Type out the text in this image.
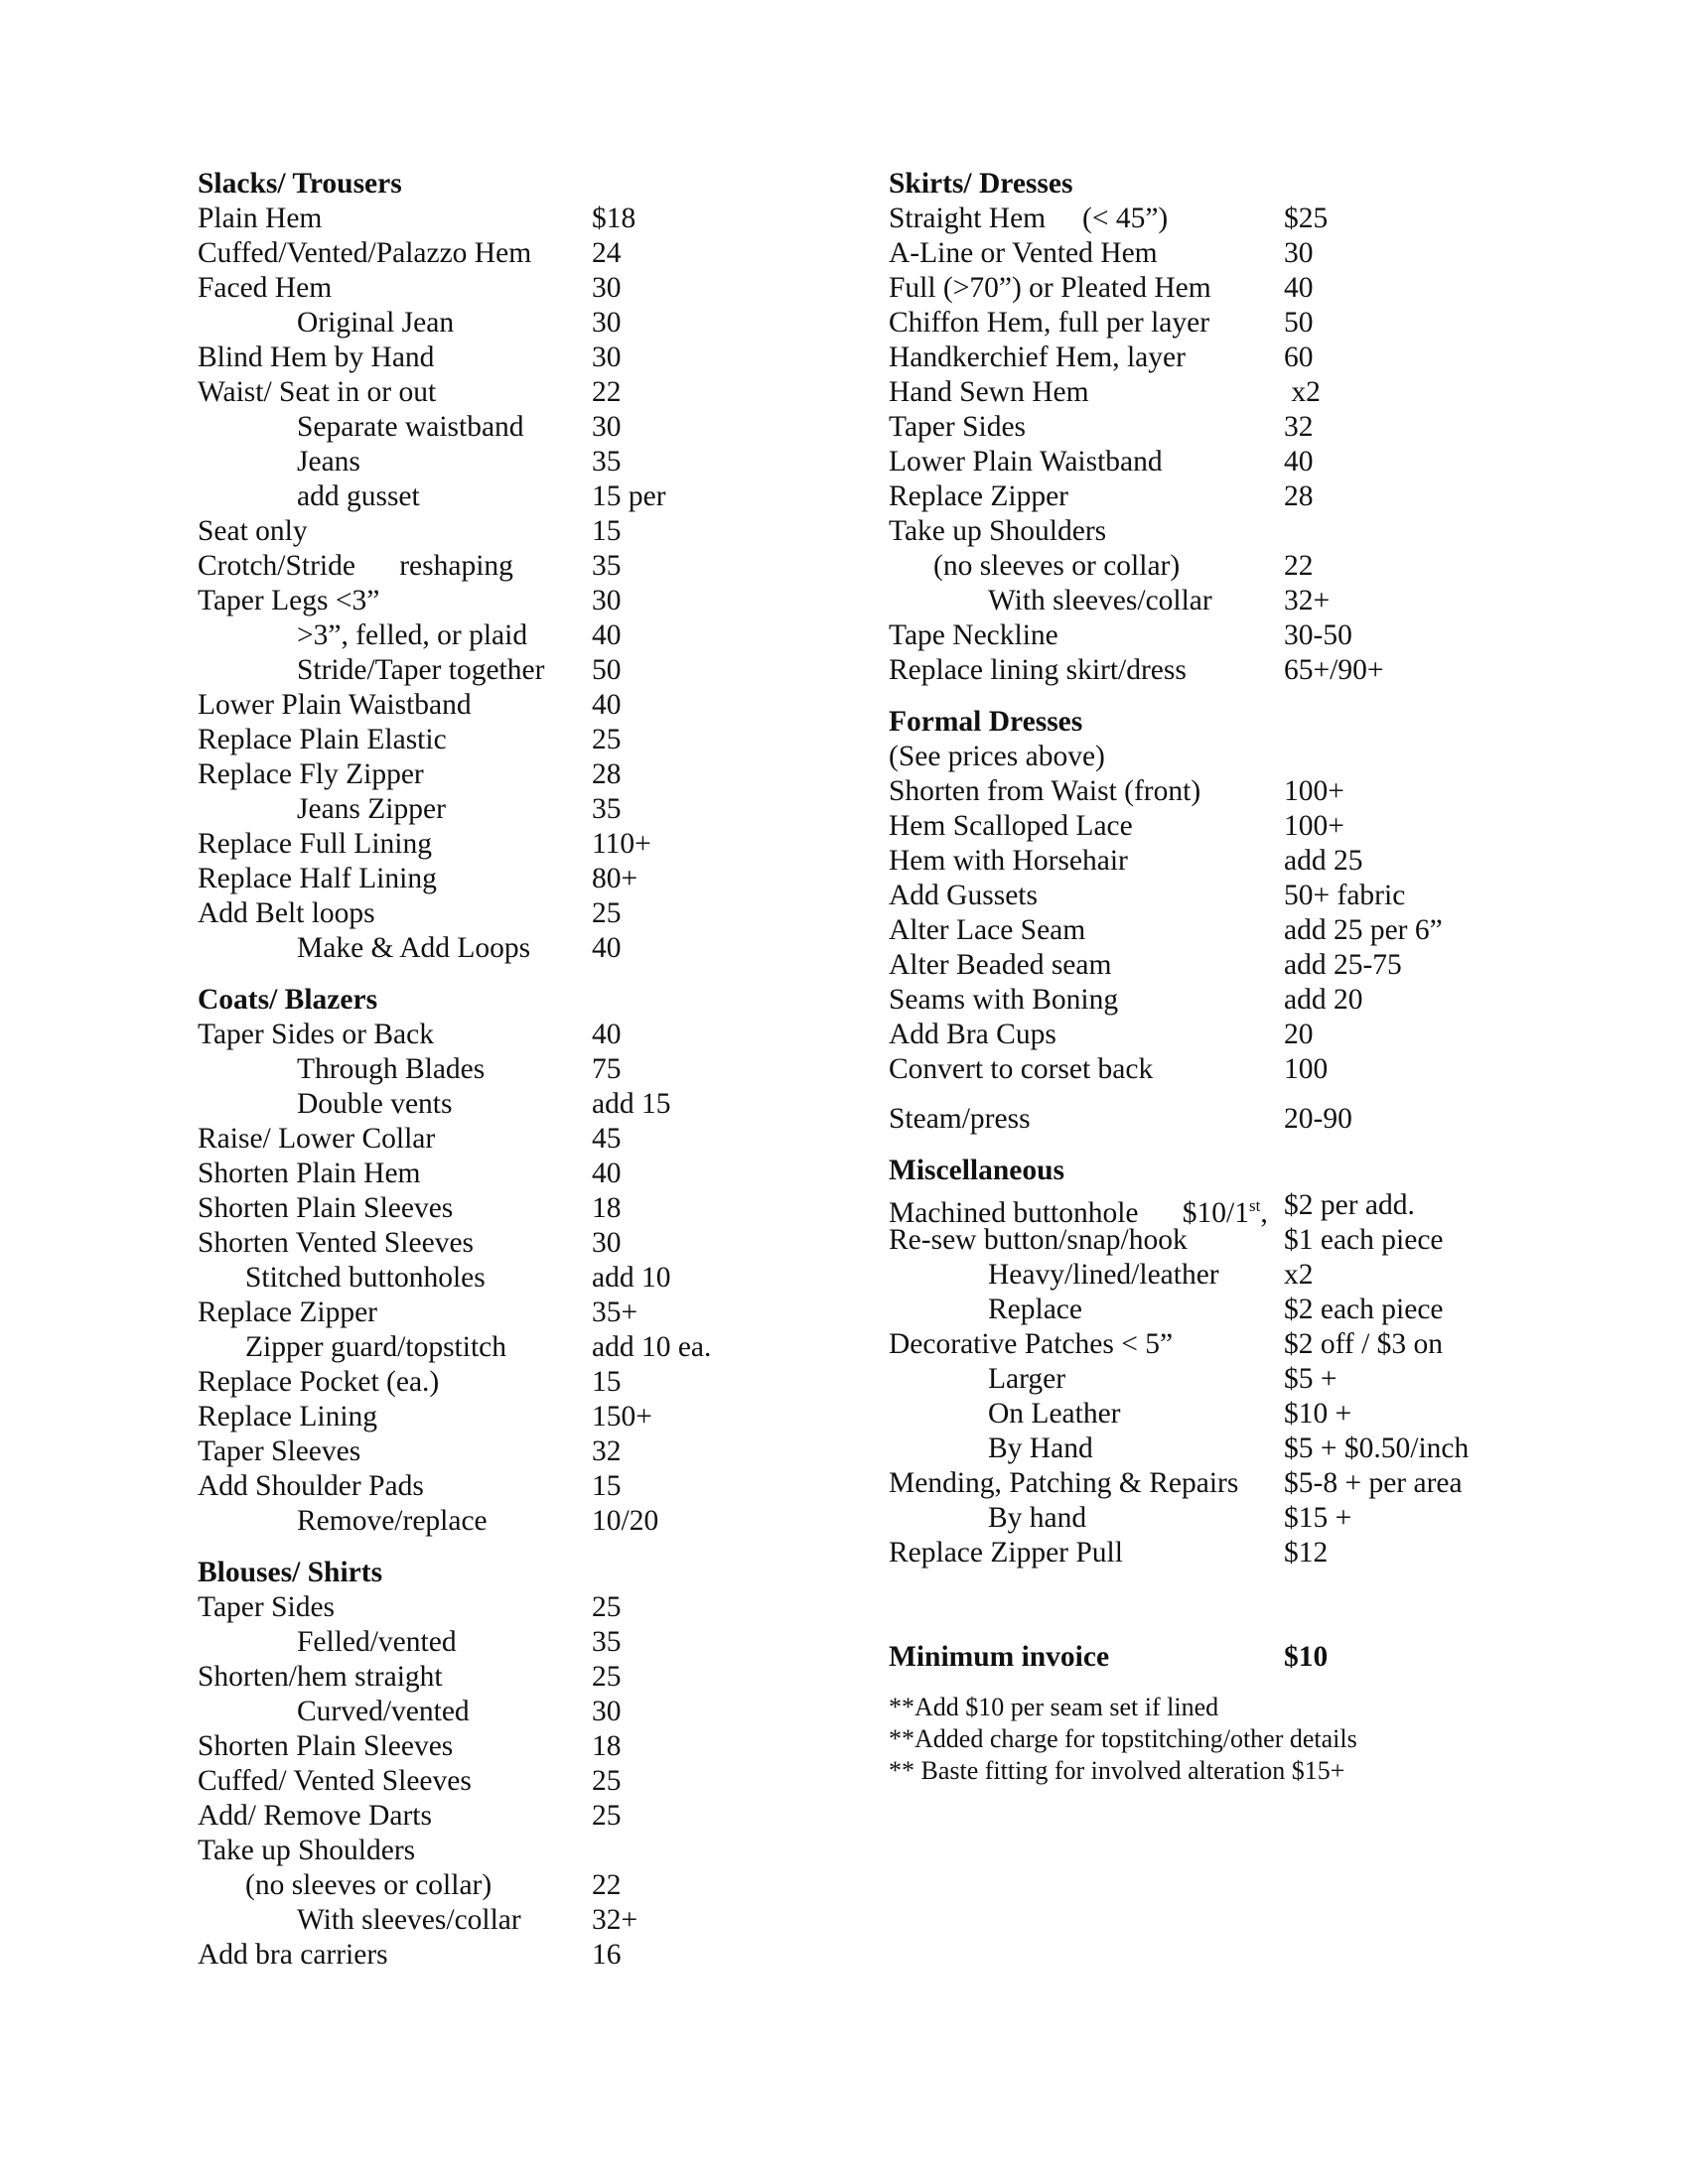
Slacks/ Trousers
Plain Hem	$18
Cuffed/Vented/Palazzo Hem 24
Faced Hem	30
Original Jean	30
Blind Hem by Hand	30
Waist/ Seat in or out	22
Separate waistband 30
Jeans	35
add gusset	15 per
Seat only	15
Crotch/Stride      reshaping	35
Taper Legs <3”	30
>3”, felled, or plaid 40
Stride/Taper together 50
Lower Plain Waistband	40
Replace Plain Elastic	25
Replace Fly Zipper	28
Jeans Zipper	35
Replace Full Lining	110+
Replace Half Lining	80+
Add Belt loops	25
Make & Add Loops 40
Coats/ Blazers
Taper Sides or Back	40
Through Blades	75
Double vents	add 15
Raise/ Lower Collar	45
Shorten Plain Hem	40
Shorten Plain Sleeves	18
Shorten Vented Sleeves	30
Stitched buttonholes	add 10
Replace Zipper	35+
Zipper guard/topstitch	add 10 ea.
Replace Pocket (ea.)	15
Replace Lining	150+
Taper Sleeves	32
Add Shoulder Pads	15
Remove/replace	10/20
Blouses/ Shirts
Taper Sides	25
Felled/vented	35
Shorten/hem straight	25
Curved/vented	30
Shorten Plain Sleeves	18
Cuffed/ Vented Sleeves	25
Add/ Remove Darts	25
Take up Shoulders
(no sleeves or collar)	22
With sleeves/collar 32+
Add bra carriers	16
Skirts/ Dresses
Straight Hem     (< 45”)	$25
A-Line or Vented Hem	30
Full (>70”) or Pleated Hem 40
Chiffon Hem, full per layer	50
Handkerchief Hem, layer	60
Hand Sewn Hem	x2
Taper Sides	32
Lower Plain Waistband	40
Replace Zipper	28
Take up Shoulders
(no sleeves or collar)	22
With sleeves/collar 32+
Tape Neckline	30-50
Replace lining skirt/dress	65+/90+
Formal Dresses
(See prices above)
Shorten from Waist (front)	100+
Hem Scalloped Lace	100+
Hem with Horsehair	add 25
Add Gussets	50+ fabric
Alter Lace Seam	add 25 per 6”
Alter Beaded seam	add 25-75
Seams with Boning	add 20
Add Bra Cups	20
Convert to corset back	100
Steam/press	20-90
Miscellaneous
Machined buttonhole      $10/1st, $2 per add.
Re-sew button/snap/hook	$1 each piece
Heavy/lined/leather x2
Replace	$2 each piece
Decorative Patches < 5”	$2 off / $3 on
Larger	$5 +
On Leather	$10 +
By Hand	$5 + $0.50/inch
Mending, Patching & Repairs $5-8 + per area
By hand	$15 +
Replace Zipper Pull	$12
Minimum invoice	$10
**Add $10 per seam set if lined
**Added charge for topstitching/other details
** Baste fitting for involved alteration $15+
